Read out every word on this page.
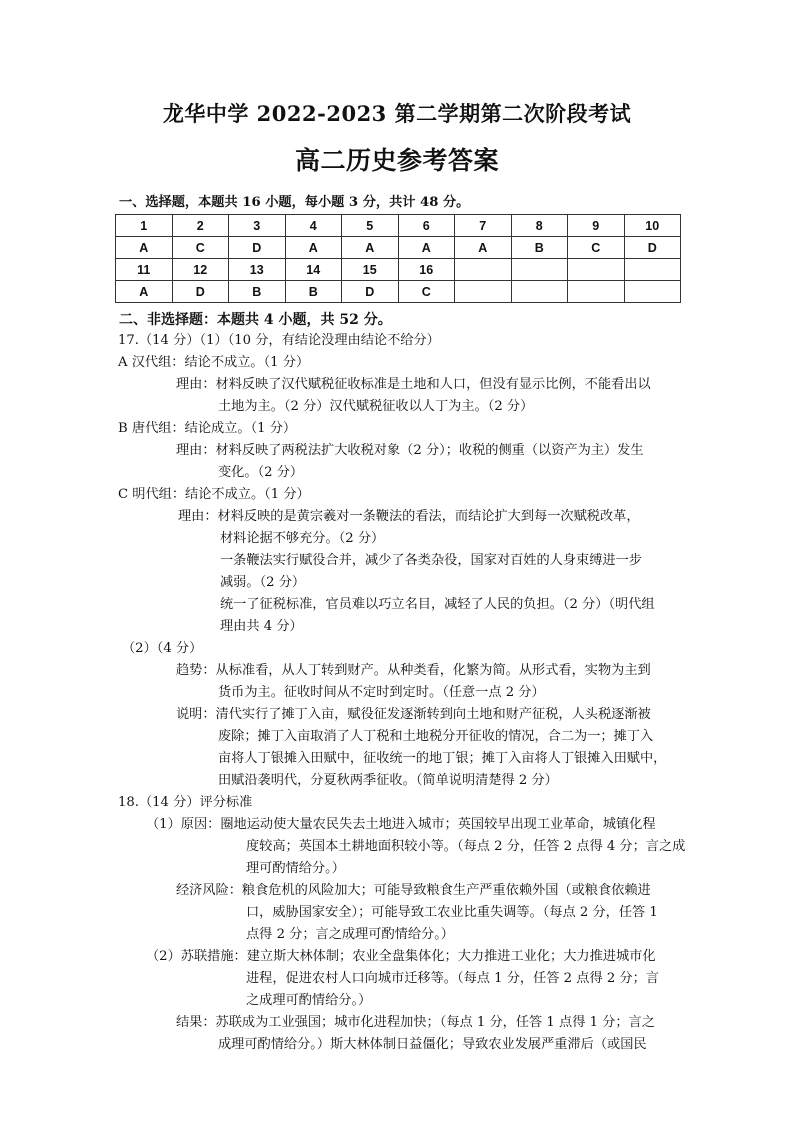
龙华中学 2022-2023 第二学期第二次阶段考试
高二历史参考答案
一、选择题，本题共 16 小题，每小题 3 分，共计 48 分。
1	2	3	4	5	6	7	8	9	10
A	C	D	A	A	A	A	B	C	D
11	12	13	14	15	16				
A	D	B	B	D	C				
二、非选择题：本题共 4 小题，共 52 分。
17.（14 分）（1）（10 分，有结论没理由结论不给分）
A 汉代组：结论不成立。（1 分）
理由：材料反映了汉代赋税征收标准是土地和人口，但没有显示比例，不能看出以
土地为主。（2 分）汉代赋税征收以人丁为主。（2 分）
B 唐代组：结论成立。（1 分）
理由：材料反映了两税法扩大收税对象（2 分）；收税的侧重（以资产为主）发生
变化。（2 分）
C 明代组：结论不成立。（1 分）
理由：材料反映的是黄宗羲对一条鞭法的看法，而结论扩大到每一次赋税改革，
材料论据不够充分。（2 分）
一条鞭法实行赋役合并，减少了各类杂役，国家对百姓的人身束缚进一步
减弱。（2 分）
统一了征税标准，官员难以巧立名目，减轻了人民的负担。（2 分）（明代组
理由共 4 分）
（2）（4 分）
趋势：从标准看，从人丁转到财产。从种类看，化繁为简。从形式看，实物为主到
货币为主。征收时间从不定时到定时。（任意一点 2 分）
说明：清代实行了摊丁入亩，赋役征发逐渐转到向土地和财产征税，人头税逐渐被
废除；摊丁入亩取消了人丁税和土地税分开征收的情况，合二为一；摊丁入
亩将人丁银摊入田赋中，征收统一的地丁银；摊丁入亩将人丁银摊入田赋中，
田赋沿袭明代，分夏秋两季征收。（简单说明清楚得 2 分）
18.（14 分）评分标准
（1）原因：圈地运动使大量农民失去土地进入城市；英国较早出现工业革命，城镇化程
度较高；英国本土耕地面积较小等。（每点 2 分，任答 2 点得 4 分；言之成
理可酌情给分。）
经济风险：粮食危机的风险加大；可能导致粮食生产严重依赖外国（或粮食依赖进
口，威胁国家安全）；可能导致工农业比重失调等。（每点 2 分，任答 1
点得 2 分；言之成理可酌情给分。）
（2）苏联措施：建立斯大林体制；农业全盘集体化；大力推进工业化；大力推进城市化
进程，促进农村人口向城市迁移等。（每点 1 分，任答 2 点得 2 分；言
之成理可酌情给分。）
结果：苏联成为工业强国；城市化进程加快；（每点 1 分，任答 1 点得 1 分；言之
成理可酌情给分。）斯大林体制日益僵化；导致农业发展严重滞后（或国民
